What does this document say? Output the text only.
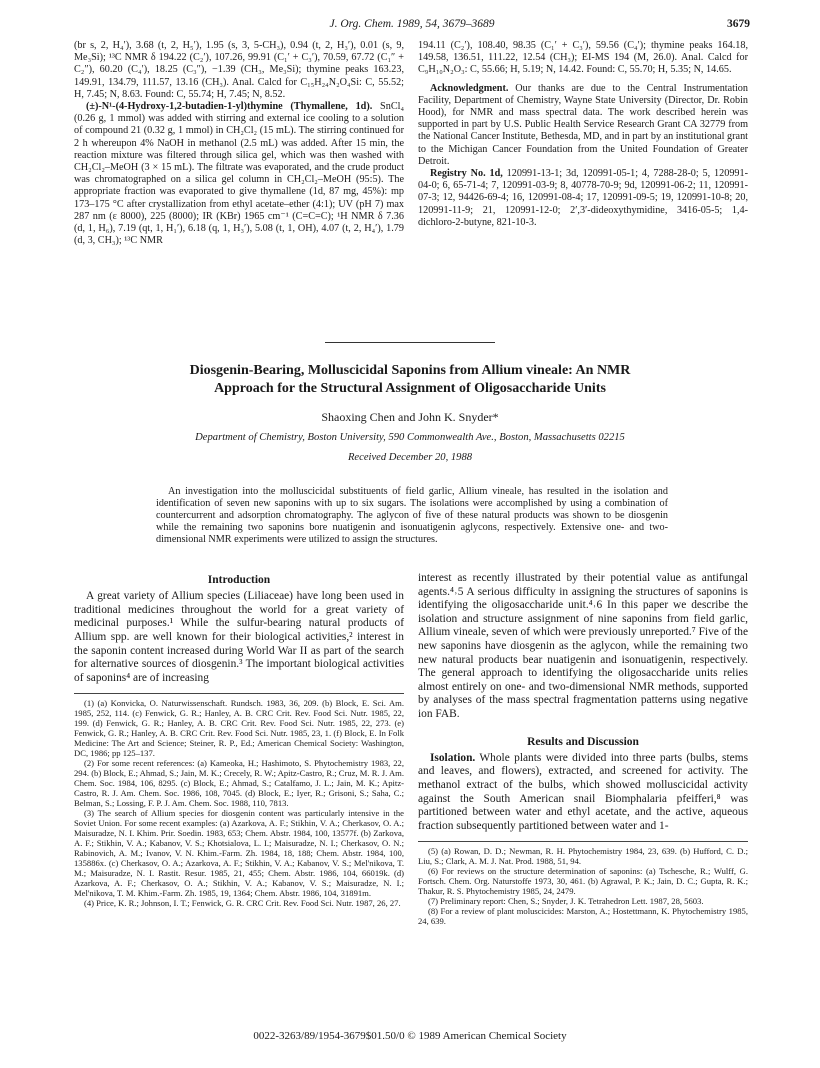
J. Org. Chem. 1989, 54, 3679–3689	3679

(br s, 2, H₄′), 3.68 (t, 2, H₅′), 1.95 (s, 3, 5-CH₃), 0.94 (t, 2, H₃′), 0.01 (s, 9, Me₃Si); ¹³C NMR δ 194.22 (C₂′), 107.26, 99.91 (C₁′ + C₃′), 70.59, 67.72 (C₁″ + C₂″), 60.20 (C₄′), 18.25 (C₃″), −1.39 (CH₃, Me₃Si); thymine peaks 163.23, 149.91, 134.79, 111.57, 13.16 (CH₃). Anal. Calcd for C₁₅H₂₄N₂O₄Si: C, 55.52; H, 7.45; N, 8.63. Found: C, 55.74; H, 7.45; N, 8.52.

(±)-N¹-(4-Hydroxy-1,2-butadien-1-yl)thymine (Thymallene, 1d). SnCl₄ (0.26 g, 1 mmol) was added with stirring and external ice cooling to a solution of compound 21 (0.32 g, 1 mmol) in CH₂Cl₂ (15 mL). The stirring continued for 2 h whereupon 4% NaOH in methanol (2.5 mL) was added. After 15 min, the reaction mixture was filtered through silica gel, which was then washed with CH₂Cl₂–MeOH (3 × 15 mL). The filtrate was evaporated, and the crude product was chromatographed on a silica gel column in CH₂Cl₂–MeOH (95:5). The appropriate fraction was evaporated to give thymallene (1d, 87 mg, 45%): mp 173–175 °C after crystallization from ethyl acetate–ether (4:1); UV (pH 7) max 287 nm (ε 8000), 225 (8000); IR (KBr) 1965 cm⁻¹ (C=C=C); ¹H NMR δ 7.36 (d, 1, H₆), 7.19 (qt, 1, H₁′), 6.18 (q, 1, H₃′), 5.08 (t, 1, OH), 4.07 (t, 2, H₄′), 1.79 (d, 3, CH₃); ¹³C NMR

194.11 (C₂′), 108.40, 98.35 (C₁′ + C₃′), 59.56 (C₄′); thymine peaks 164.18, 149.58, 136.51, 111.22, 12.54 (CH₃); EI-MS 194 (M, 26.0). Anal. Calcd for C₉H₁₀N₂O₃: C, 55.66; H, 5.19; N, 14.42. Found: C, 55.70; H, 5.35; N, 14.65.

Acknowledgment. Our thanks are due to the Central Instrumentation Facility, Department of Chemistry, Wayne State University (Director, Dr. Robin Hood), for NMR and mass spectral data. The work described herein was supported in part by U.S. Public Health Service Research Grant CA 32779 from the National Cancer Institute, Bethesda, MD, and in part by an institutional grant to the Michigan Cancer Foundation from the United Foundation of Greater Detroit.

Registry No. 1d, 120991-13-1; 3d, 120991-05-1; 4, 7288-28-0; 5, 120991-04-0; 6, 65-71-4; 7, 120991-03-9; 8, 40778-70-9; 9d, 120991-06-2; 11, 120991-07-3; 12, 94426-69-4; 16, 120991-08-4; 17, 120991-09-5; 19, 120991-10-8; 20, 120991-11-9; 21, 120991-12-0; 2′,3′-dideoxythymidine, 3416-05-5; 1,4-dichloro-2-butyne, 821-10-3.

Diosgenin-Bearing, Molluscicidal Saponins from Allium vineale: An NMR
Approach for the Structural Assignment of Oligosaccharide Units
Shaoxing Chen and John K. Snyder*
Department of Chemistry, Boston University, 590 Commonwealth Ave., Boston, Massachusetts 02215
Received December 20, 1988
An investigation into the molluscicidal substituents of field garlic, Allium vineale, has resulted in the isolation and identification of seven new saponins with up to six sugars. The isolations were accomplished by using a combination of countercurrent and adsorption chromatography. The aglycon of five of these natural products was shown to be diosgenin while the remaining two saponins bore nuatigenin and isonuatigenin aglycons, respectively. Extensive one- and two-dimensional NMR experiments were utilized to assign the structures.
Introduction

A great variety of Allium species (Liliaceae) have long been used in traditional medicines throughout the world for a great variety of medicinal purposes.¹ While the sulfur-bearing natural products of Allium spp. are well known for their biological activities,² interest in the saponin content increased during World War II as part of the search for alternative sources of diosgenin.³ The important biological activities of saponins⁴ are of increasing

(1) (a) Konvicka, O. Naturwissenschaft. Rundsch. 1983, 36, 209. (b) Block, E. Sci. Am. 1985, 252, 114. (c) Fenwick, G. R.; Hanley, A. B. CRC Crit. Rev. Food Sci. Nutr. 1985, 22, 199. (d) Fenwick, G. R.; Hanley, A. B. CRC Crit. Rev. Food Sci. Nutr. 1985, 22, 273. (e) Fenwick, G. R.; Hanley, A. B. CRC Crit. Rev. Food Sci. Nutr. 1985, 23, 1. (f) Block, E. In Folk Medicine: The Art and Science; Steiner, R. P., Ed.; American Chemical Society: Washington, DC, 1986; pp 125–137.

(2) For some recent references: (a) Kameoka, H.; Hashimoto, S. Phytochemistry 1983, 22, 294. (b) Block, E.; Ahmad, S.; Jain, M. K.; Crecely, R. W.; Apitz-Castro, R.; Cruz, M. R. J. Am. Chem. Soc. 1984, 106, 8295. (c) Block, E.; Ahmad, S.; Catalfamo, J. L.; Jain, M. K.; Apitz-Castro, R. J. Am. Chem. Soc. 1986, 108, 7045. (d) Block, E.; Iyer, R.; Grisoni, S.; Saha, C.; Belman, S.; Lossing, F. P. J. Am. Chem. Soc. 1988, 110, 7813.

(3) The search of Allium species for diosgenin content was particularly intensive in the Soviet Union. For some recent examples: (a) Azarkova, A. F.; Stikhin, V. A.; Cherkasov, O. A.; Maisuradze, N. I. Khim. Prir. Soedin. 1983, 653; Chem. Abstr. 1984, 100, 13577f. (b) Zarkova, A. F.; Stikhin, V. A.; Kabanov, V. S.; Khotsialova, L. I.; Maisuradze, N. I.; Cherkasov, O. N.; Rabinovich, A. M.; Ivanov, V. N. Khim.-Farm. Zh. 1984, 18, 188; Chem. Abstr. 1984, 100, 135886x. (c) Cherkasov, O. A.; Azarkova, A. F.; Stikhin, V. A.; Kabanov, V. S.; Mel'nikova, T. M.; Maisuradze, N. I. Rastit. Resur. 1985, 21, 455; Chem. Abstr. 1986, 104, 66019k. (d) Azarkova, A. F.; Cherkasov, O. A.; Stikhin, V. A.; Kabanov, V. S.; Maisuradze, N. I.; Mel'nikova, T. M. Khim.-Farm. Zh. 1985, 19, 1364; Chem. Abstr. 1986, 104, 31891m.

(4) Price, K. R.; Johnson, I. T.; Fenwick, G. R. CRC Crit. Rev. Food Sci. Nutr. 1987, 26, 27.

interest as recently illustrated by their potential value as antifungal agents.⁴˒5 A serious difficulty in assigning the structures of saponins is identifying the oligosaccharide unit.⁴˒6 In this paper we describe the isolation and structure assignment of nine saponins from field garlic, Allium vineale, seven of which were previously unreported.⁷ Five of the new saponins have diosgenin as the aglycon, while the remaining two new natural products bear nuatigenin and isonuatigenin, respectively. The general approach to identifying the oligosaccharide units relies almost entirely on one- and two-dimensional NMR methods, supported by analyses of the mass spectral fragmentation patterns using negative ion FAB.

Results and Discussion

Isolation. Whole plants were divided into three parts (bulbs, stems and leaves, and flowers), extracted, and screened for activity. The methanol extract of the bulbs, which showed molluscicidal activity against the South American snail Biomphalaria pfeifferi,⁸ was partitioned between water and ethyl acetate, and the active, aqueous fraction subsequently partitioned between water and 1-

(5) (a) Rowan, D. D.; Newman, R. H. Phytochemistry 1984, 23, 639. (b) Hufford, C. D.; Liu, S.; Clark, A. M. J. Nat. Prod. 1988, 51, 94.

(6) For reviews on the structure determination of saponins: (a) Tschesche, R.; Wulff, G. Fortsch. Chem. Org. Naturstoffe 1973, 30, 461. (b) Agrawal, P. K.; Jain, D. C.; Gupta, R. K.; Thakur, R. S. Phytochemistry 1985, 24, 2479.

(7) Preliminary report: Chen, S.; Snyder, J. K. Tetrahedron Lett. 1987, 28, 5603.

(8) For a review of plant moluscicides: Marston, A.; Hostettmann, K. Phytochemistry 1985, 24, 639.

0022-3263/89/1954-3679$01.50/0 © 1989 American Chemical Society
